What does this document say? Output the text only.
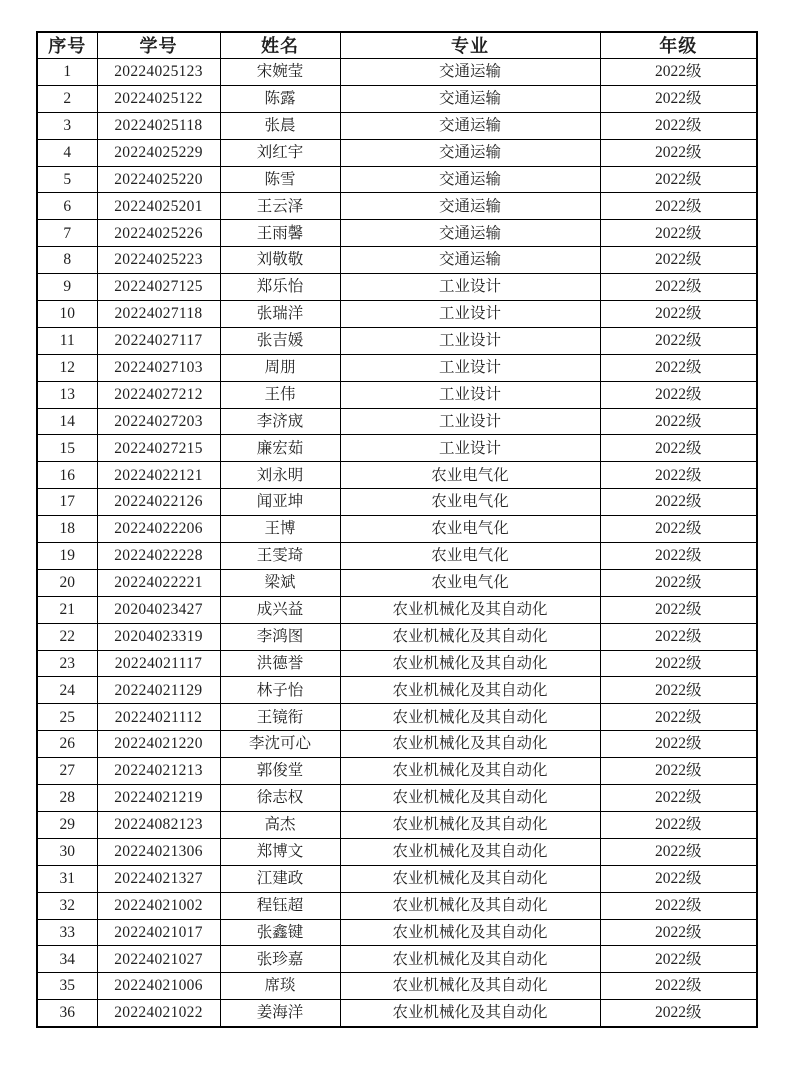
序号	学号	姓名	专业	年级
1	20224025123	宋婉莹	交通运输	2022级
2	20224025122	陈露	交通运输	2022级
3	20224025118	张晨	交通运输	2022级
4	20224025229	刘红宇	交通运输	2022级
5	20224025220	陈雪	交通运输	2022级
6	20224025201	王云泽	交通运输	2022级
7	20224025226	王雨馨	交通运输	2022级
8	20224025223	刘敬敬	交通运输	2022级
9	20224027125	郑乐怡	工业设计	2022级
10	20224027118	张瑞洋	工业设计	2022级
11	20224027117	张吉媛	工业设计	2022级
12	20224027103	周朋	工业设计	2022级
13	20224027212	王伟	工业设计	2022级
14	20224027203	李济宬	工业设计	2022级
15	20224027215	廉宏茹	工业设计	2022级
16	20224022121	刘永明	农业电气化	2022级
17	20224022126	闻亚坤	农业电气化	2022级
18	20224022206	王博	农业电气化	2022级
19	20224022228	王雯琦	农业电气化	2022级
20	20224022221	梁斌	农业电气化	2022级
21	20204023427	成兴益	农业机械化及其自动化	2022级
22	20204023319	李鸿图	农业机械化及其自动化	2022级
23	20224021117	洪德誉	农业机械化及其自动化	2022级
24	20224021129	林子怡	农业机械化及其自动化	2022级
25	20224021112	王镜衔	农业机械化及其自动化	2022级
26	20224021220	李沈可心	农业机械化及其自动化	2022级
27	20224021213	郭俊堂	农业机械化及其自动化	2022级
28	20224021219	徐志权	农业机械化及其自动化	2022级
29	20224082123	高杰	农业机械化及其自动化	2022级
30	20224021306	郑博文	农业机械化及其自动化	2022级
31	20224021327	江建政	农业机械化及其自动化	2022级
32	20224021002	程钰超	农业机械化及其自动化	2022级
33	20224021017	张鑫键	农业机械化及其自动化	2022级
34	20224021027	张珍嘉	农业机械化及其自动化	2022级
35	20224021006	席琰	农业机械化及其自动化	2022级
36	20224021022	姜海洋	农业机械化及其自动化	2022级
